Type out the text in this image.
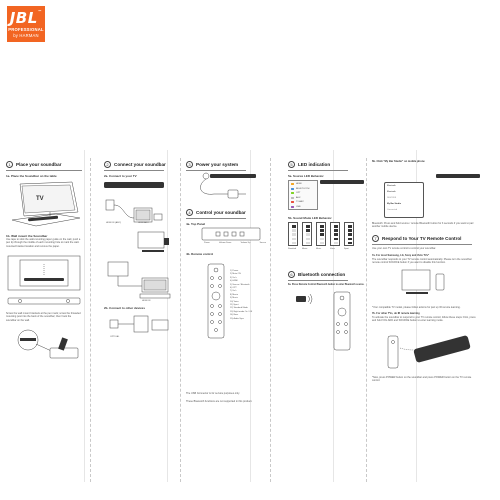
JBL™
PROFESSIONAL
by HARMAN
1	Place your soundbar
1a. Place the Soundbar on the table
TV
1b. Wall mount the Soundbar
Use tape to stick the wall-mounting paper guide on the wall, push a pen tip through the middle of each mounting hole to mark the wall-mounted bracket location and remove the paper.
Screw the wall mount brackets at the pen mark; screw the threaded mounting post into the back of the soundbar; then hook the soundbar on the wall.
2	Connect your soundbar
2a. Connect to your TV
HDMI IN (ARC)	HDMI ARC
HDMI IN
2b. Connect to other devices
OPTICAL
3	Power your system
4	Control your soundbar
4a. Top Panel
Power	Volume Down	Volume Up	Source
4b. Remote control
1) Power
2) Mute ON
3) Vol +
4) HDMI
5) Source / Bluetooth
6) OPT
7) Vol −
8) Movie
9) Music
10) Voice
11) Sport
12) Standard Mode
13) Night mode On / Off
14) Bass
15) Audio Sync
The USB Connector is for service purposes only.
These Bluetooth functions are not supported in this product.
5	LED indication
5a. Source LED Behavior
HDMI
BLUETOOTH
OPT
AUX
TV ARC
USB
5b. Sound Mode LED Behavior
Standard	Movie	Music	Voice	Sport
6	Bluetooth connection
6a. Press Remote Control Bluetooth button to enter Bluetooth source.
6b. Click "My Bar Studio" on mobile phone
Bluetooth
Bluetooth
DEVICES
My Bar Studio
Connected
Bluetooth: Press and hold source / remote Bluetooth button for 3 seconds if you want to pair another mobile device.
7	Respond to Your TV Remote Control
Use your own TV remote control to control your soundbar.
7a. For most Samsung, LG, Sony and Vizio TVs*
The soundbar responds to your TV remote control automatically. Please turn the soundbar remote control SOURCE button if you want to disable this function.
*Your compatible TV model, please follow actions for pair up IR remote learning.
7b. For other TVs, do IR remote learning
To activate the soundbar to respond to your TV remote control, follow these steps: First, press and hold VOL ADD and SOURCE button to enter learning mode.
*Now, press POWER button on the soundbar and press POWER button on the TV remote control.
